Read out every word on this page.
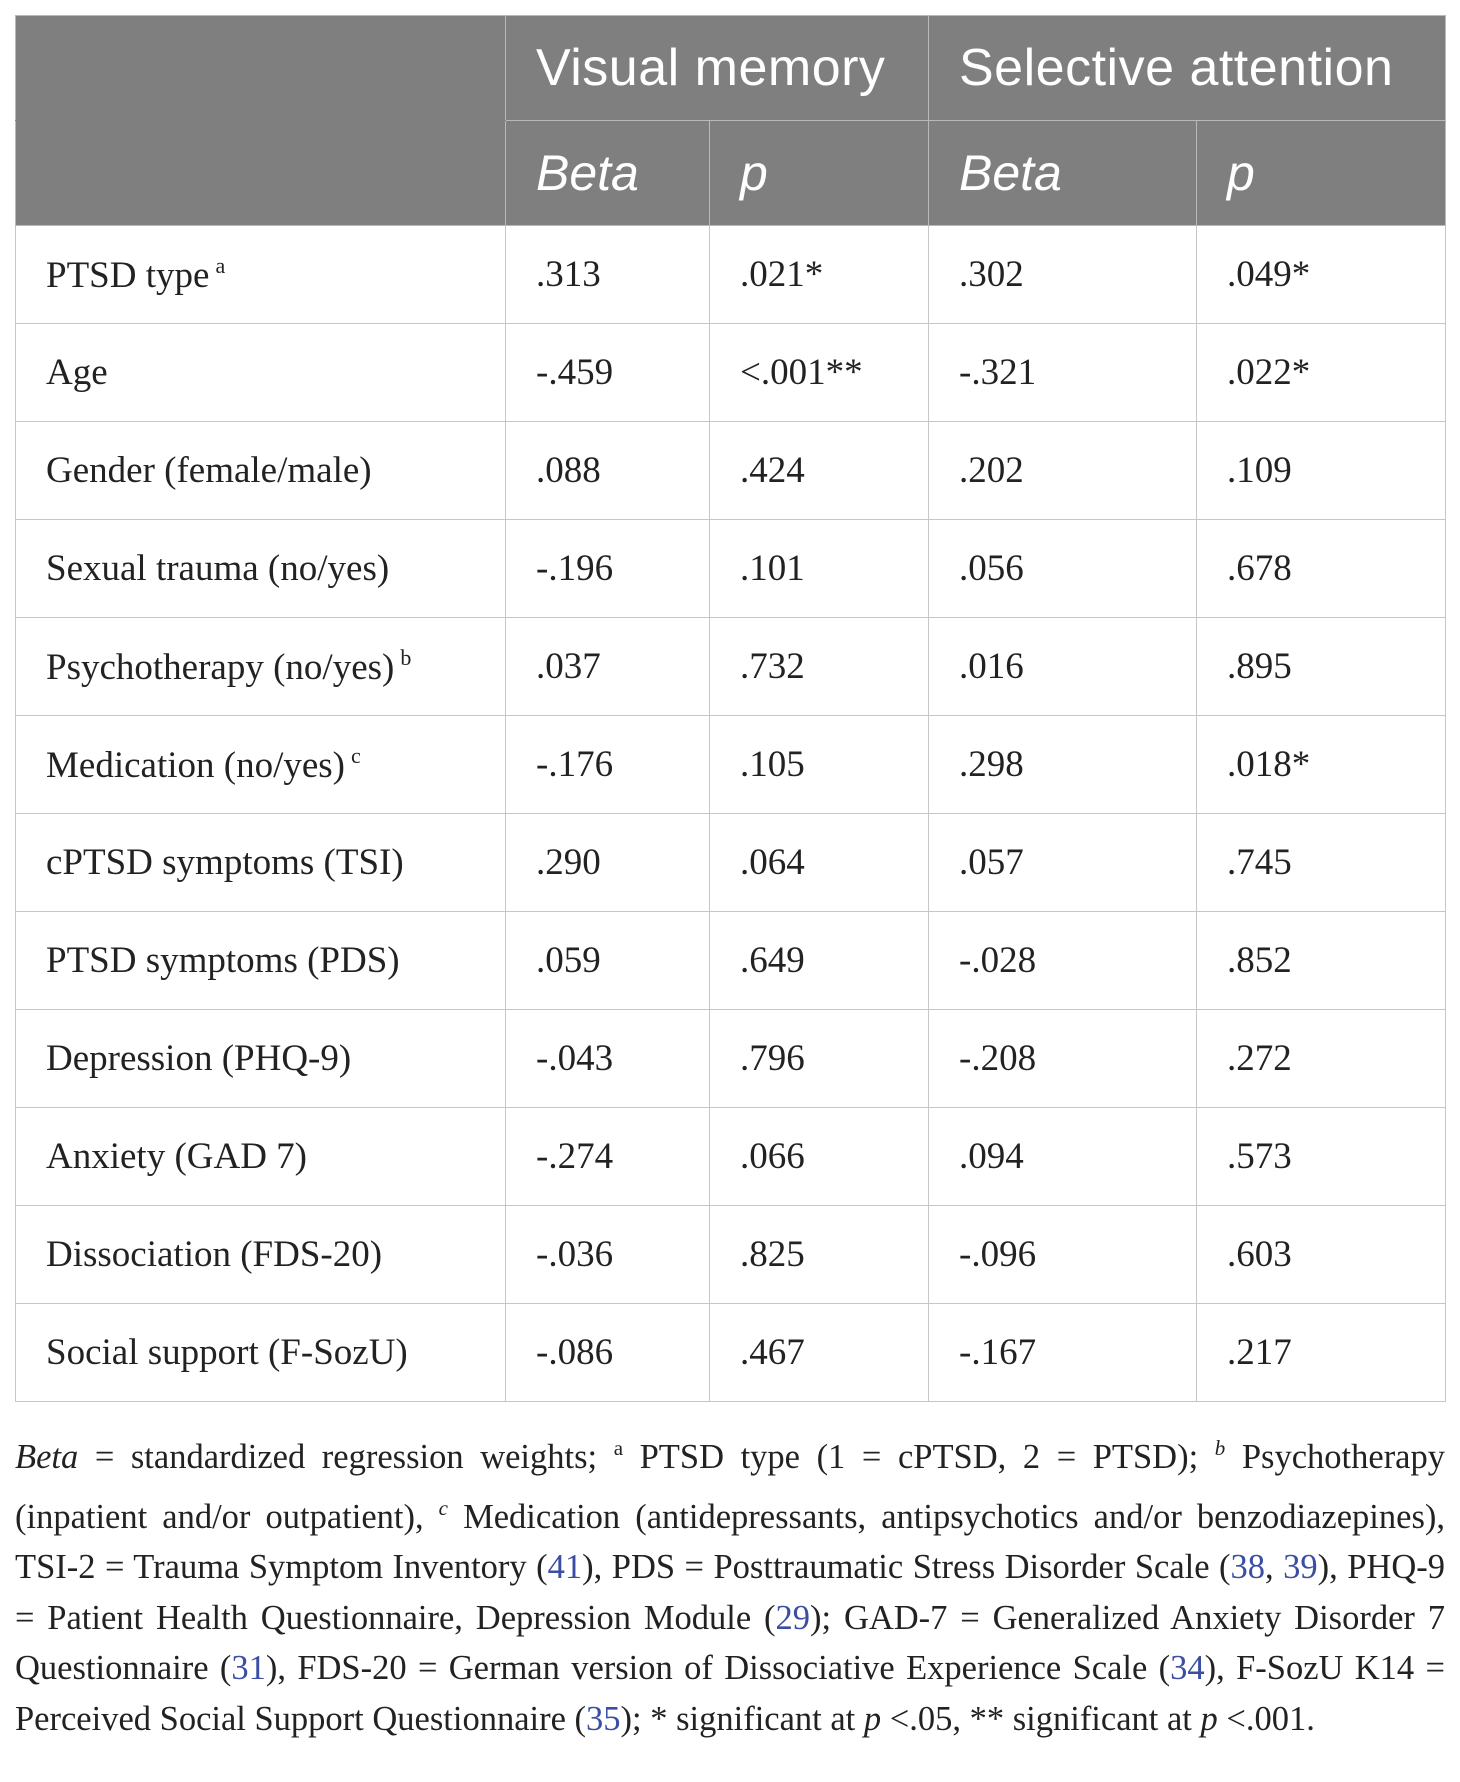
	Visual memory		Selective attention	
	Beta	p	Beta	p
PTSD type $^a$	.313	.021*	.302	.049*
Age	-.459	<.001**	-.321	.022*
Gender (female/male)	.088	.424	.202	.109
Sexual trauma (no/yes)	-.196	.101	.056	.678
Psychotherapy (no/yes) $^b$	.037	.732	.016	.895
Medication (no/yes) $^c$	-.176	.105	.298	.018*
cPTSD symptoms (TSI)	.290	.064	.057	.745
PTSD symptoms (PDS)	.059	.649	-.028	.852
Depression (PHQ-9)	-.043	.796	-.208	.272
Anxiety (GAD 7)	-.274	.066	.094	.573
Dissociation (FDS-20)	-.036	.825	-.096	.603
Social support (F-SozU)	-.086	.467	-.167	.217
Beta = standardized regression weights; $^a$ PTSD type (1 = cPTSD, 2 = PTSD); $^b$ Psychotherapy (inpatient and/or outpatient), $^c$ Medication (antidepressants, antipsychotics and/or benzodiazepines), TSI-2 = Trauma Symptom Inventory (41), PDS = Posttraumatic Stress Disorder Scale (38, 39), PHQ-9 = Patient Health Questionnaire, Depression Module (29); GAD-7 = Generalized Anxiety Disorder 7 Questionnaire (31), FDS-20 = German version of Dissociative Experience Scale (34), F-SozU K14 = Perceived Social Support Questionnaire (35); * significant at p <.05, ** significant at p <.001.
